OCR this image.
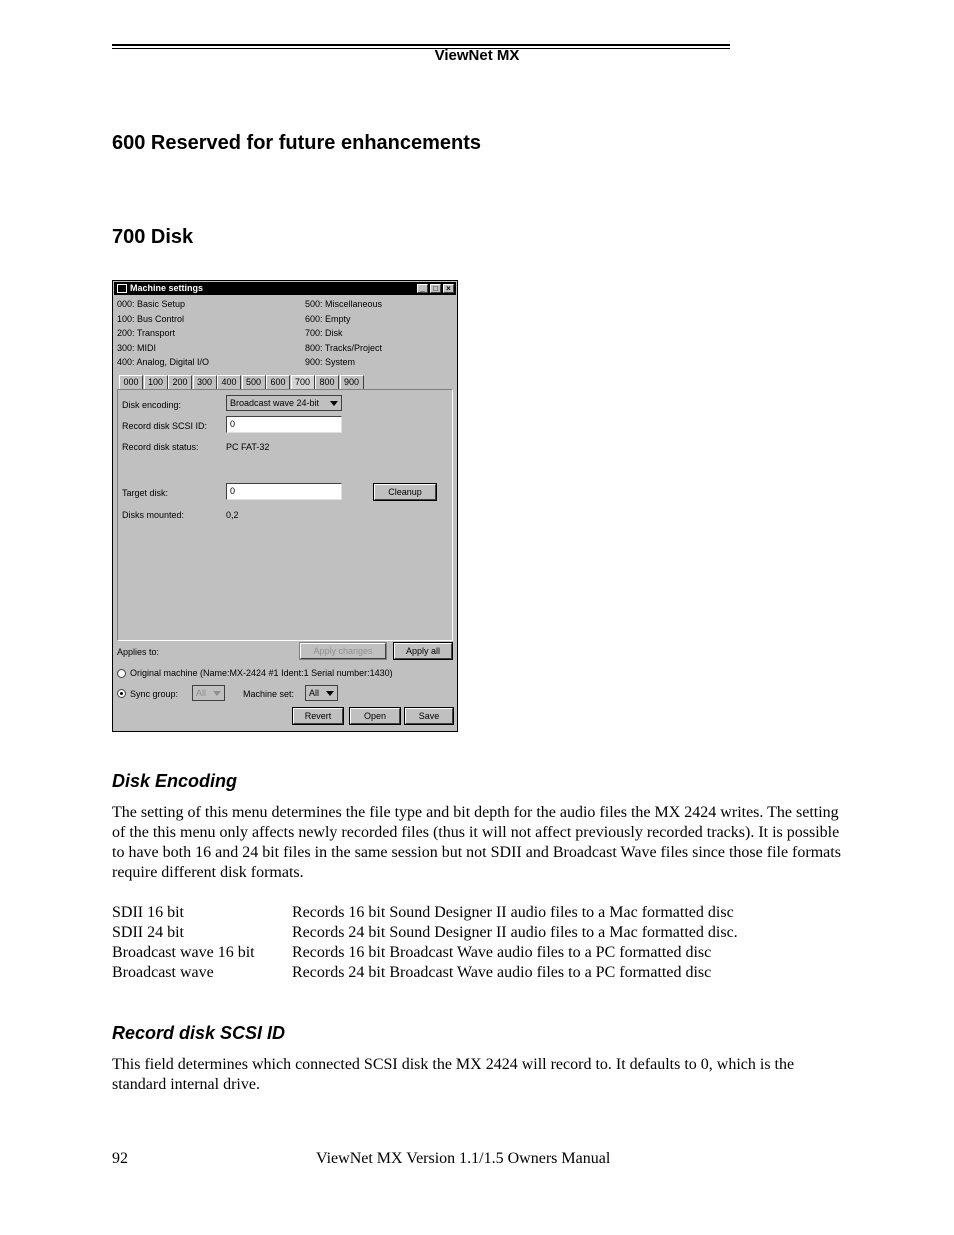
ViewNet MX
600 Reserved for future enhancements
700 Disk
Machine settings	_	□	×
000: Basic Setup
100: Bus Control
200: Transport
300: MIDI
400: Analog, Digital I/O
500: Miscellaneous
600: Empty
700: Disk
800: Tracks/Project
900: System
000	100	200	300	400	500	600	700	800	900
Disk encoding:	Broadcast wave 24-bit
Record disk SCSI ID:	0
Record disk status:	PC FAT-32
Target disk:	0	Cleanup
Disks mounted:	0,2
Applies to:	Apply changes	Apply all
Original machine (Name:MX-2424 #1 Ident:1 Serial number:1430)
Sync group:	All	Machine set:	All
Revert	Open	Save
Disk Encoding

The setting of this menu determines the file type and bit depth for the audio files the MX 2424 writes. The setting of the this menu only affects newly recorded files (thus it will not affect previously recorded tracks). It is possible to have both 16 and 24 bit files in the same session but not SDII and Broadcast Wave files since those file formats require different disk formats.

SDII 16 bit	Records 16 bit Sound Designer II audio files to a Mac formatted disc
SDII 24 bit	Records 24 bit Sound Designer II audio files to a Mac formatted disc.
Broadcast wave 16 bit	Records 16 bit Broadcast Wave audio files to a PC formatted disc
Broadcast wave	Records 24 bit Broadcast Wave audio files to a PC formatted disc
Record disk SCSI ID

This field determines which connected SCSI disk the MX 2424 will record to. It defaults to 0, which is the standard internal drive.

92	ViewNet MX Version 1.1/1.5 Owners Manual
